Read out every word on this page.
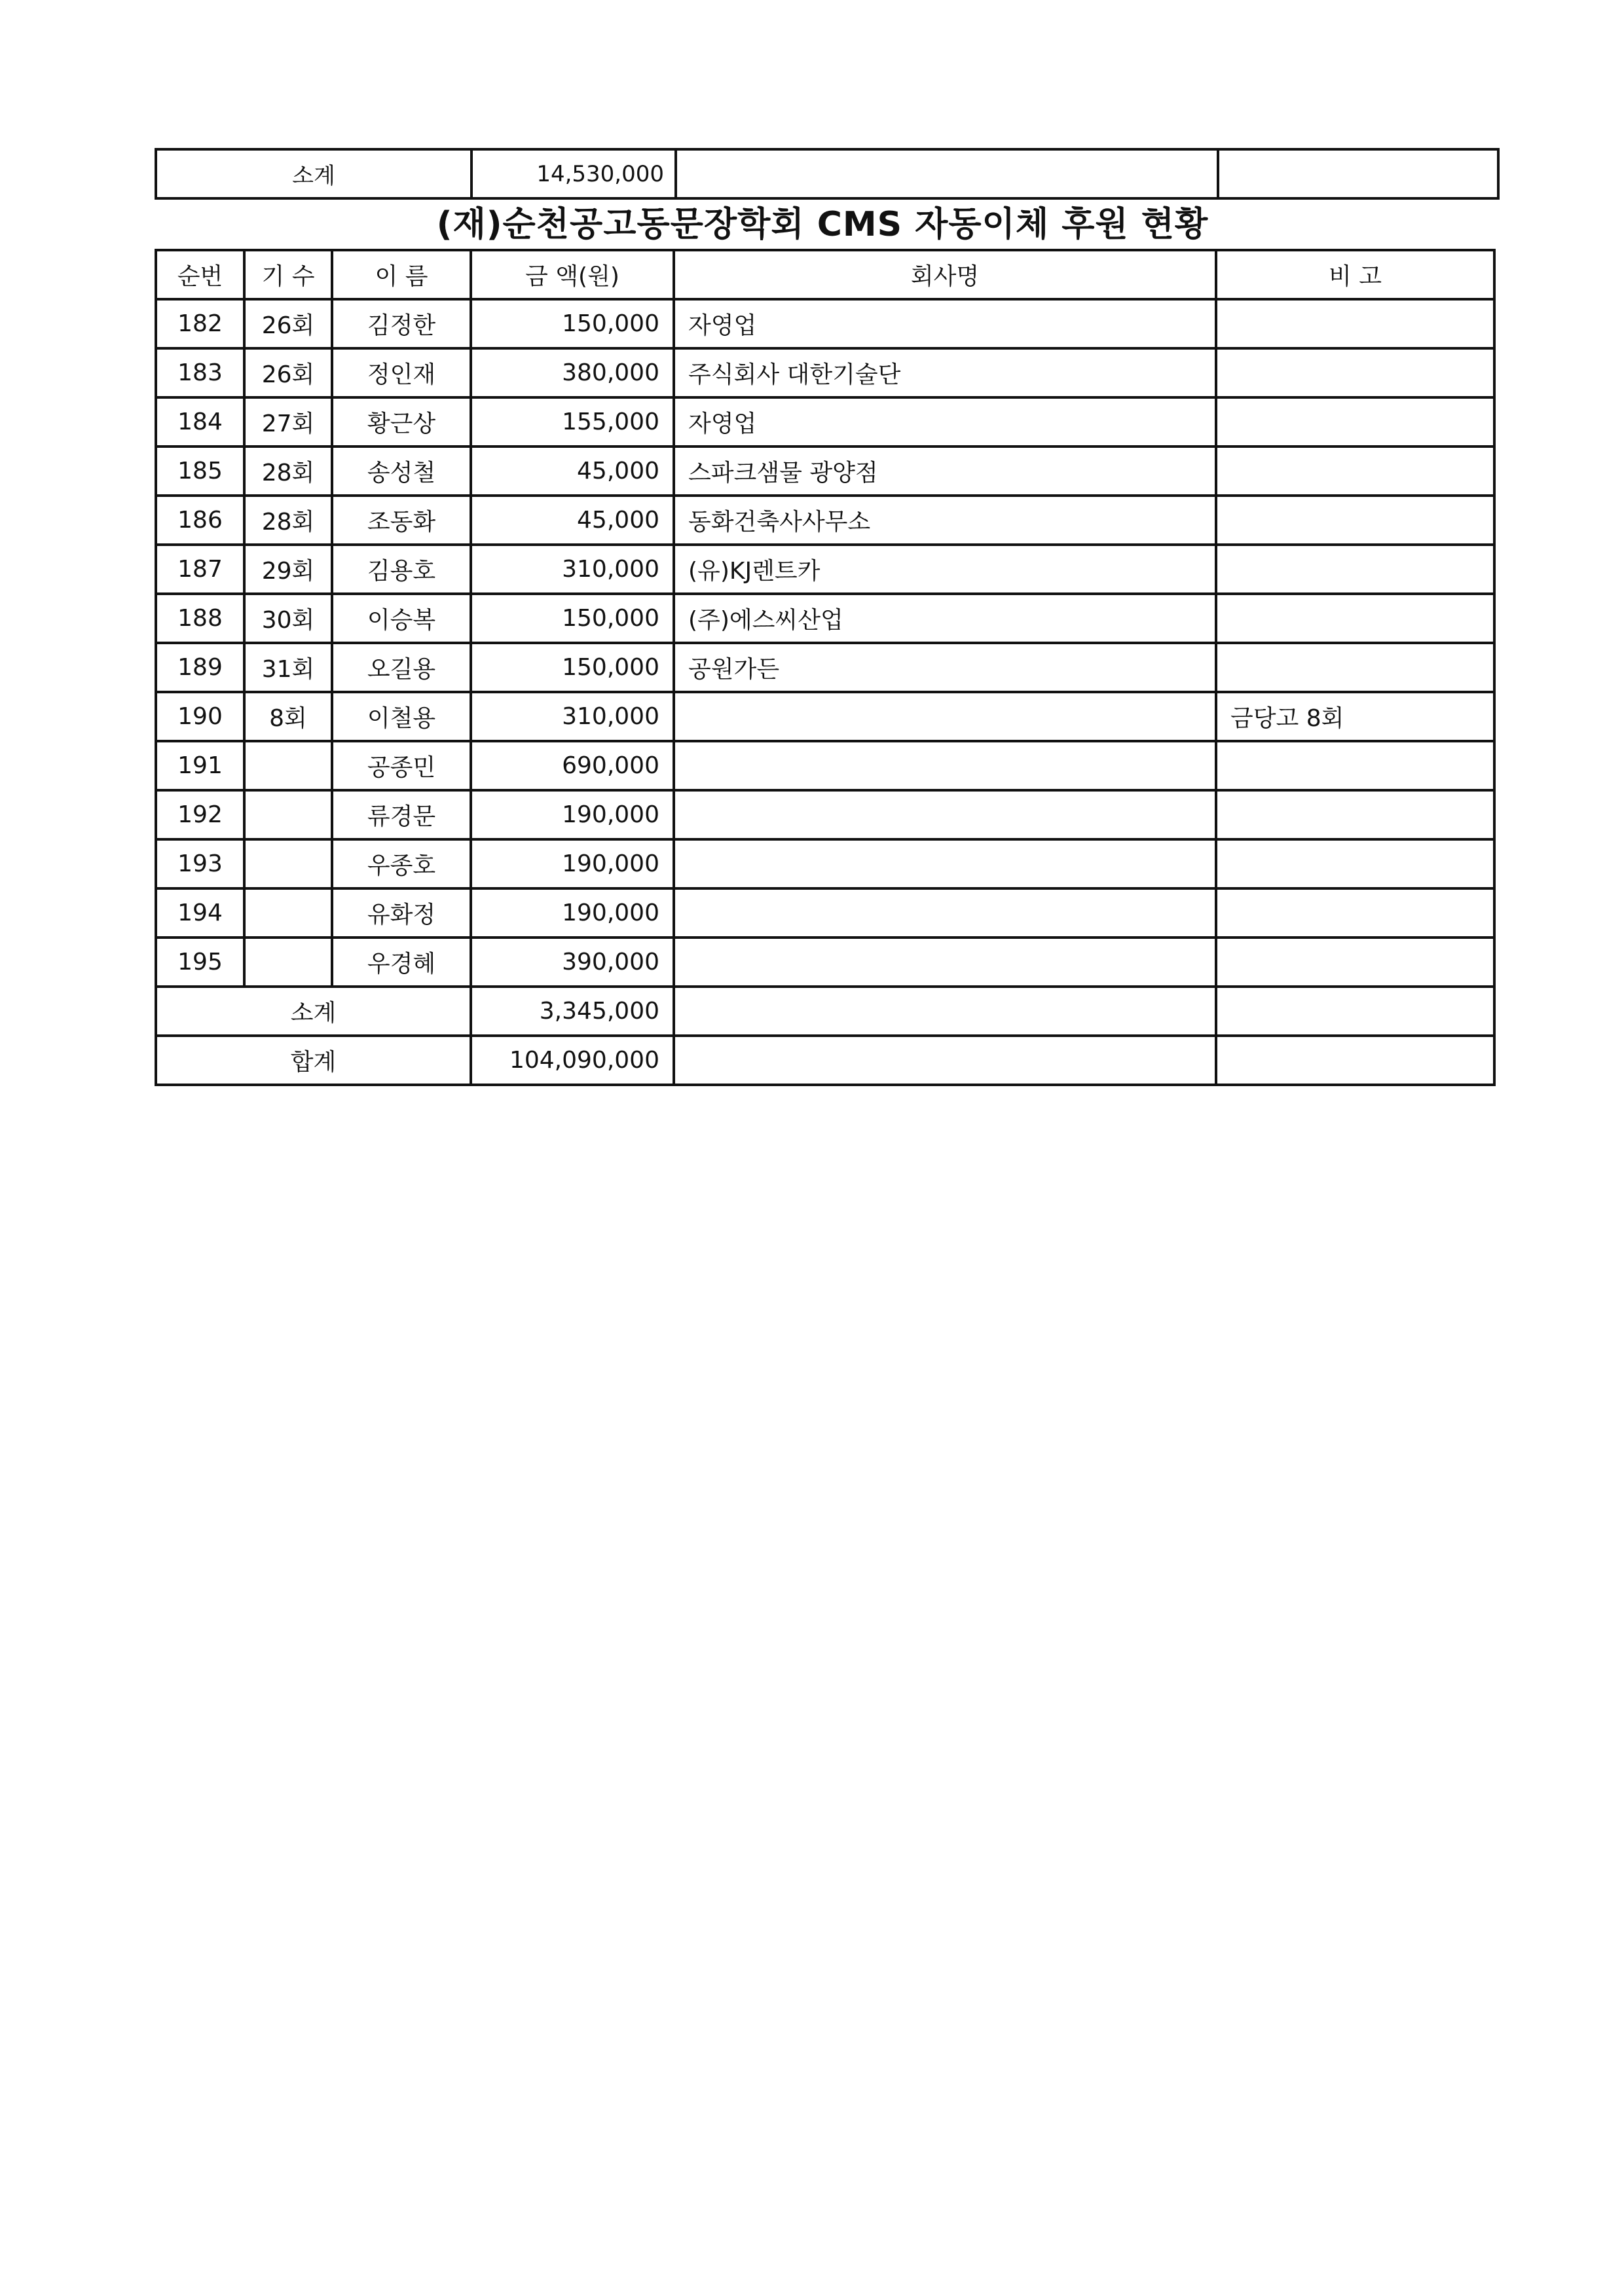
소계	14,530,000		
(재)순천공고동문장학회 CMS 자동이체 후원 현황
순번	기 수	이 름	금 액(원)	회사명	비 고
182	26회	김정한	150,000	자영업	
183	26회	정인재	380,000	주식회사 대한기술단	
184	27회	황근상	155,000	자영업	
185	28회	송성철	45,000	스파크샘물 광양점	
186	28회	조동화	45,000	동화건축사사무소	
187	29회	김용호	310,000	(유)KJ렌트카	
188	30회	이승복	150,000	(주)에스씨산업	
189	31회	오길용	150,000	공원가든	
190	8회	이철용	310,000		금당고 8회
191		공종민	690,000		
192		류경문	190,000		
193		우종호	190,000		
194		유화정	190,000		
195		우경혜	390,000		
소계			3,345,000		
합계			104,090,000		
